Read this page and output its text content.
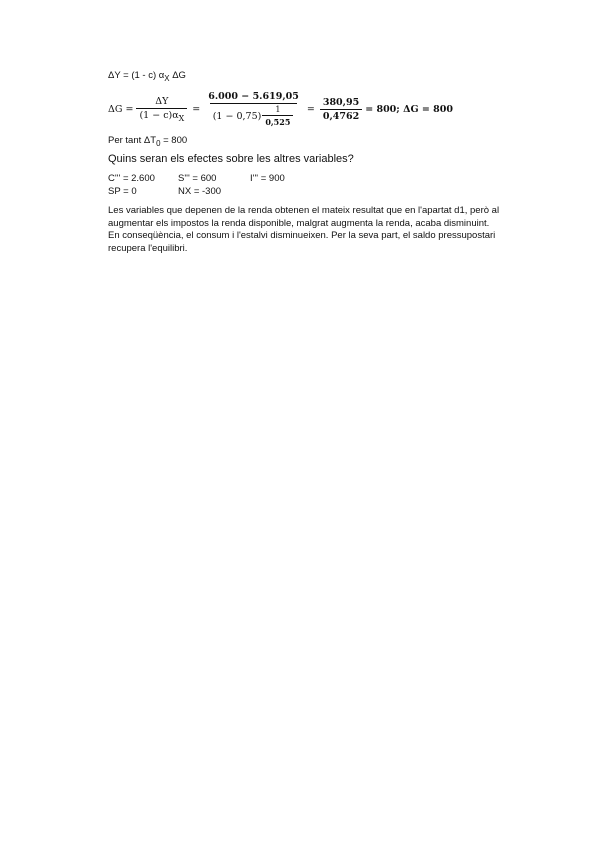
ΔY = (1 - c) $\alpha_X$ ΔG
$\Delta G = \frac{\Delta Y}{(1 - c)\alpha_X} = \frac{6.000 - 5.619,05}{(1 - 0,75) \frac{1}{0,525}} = \frac{380,95}{0,4762} = 800$; ΔG = 800
Per tant $\Delta T_0 = 800$
Quins seran els efectes sobre les altres variables?
C''' = 2.600	S''' = 600	I''' = 900
SP = 0	NX = -300
Les variables que depenen de la renda obtenen el mateix resultat que en l'apartat d1, però al augmentar els impostos la renda disponible, malgrat augmenta la renda, acaba disminuint. En conseqüència, el consum i l'estalvi disminueixen. Per la seva part, el saldo pressupostari recupera l'equilibri.
